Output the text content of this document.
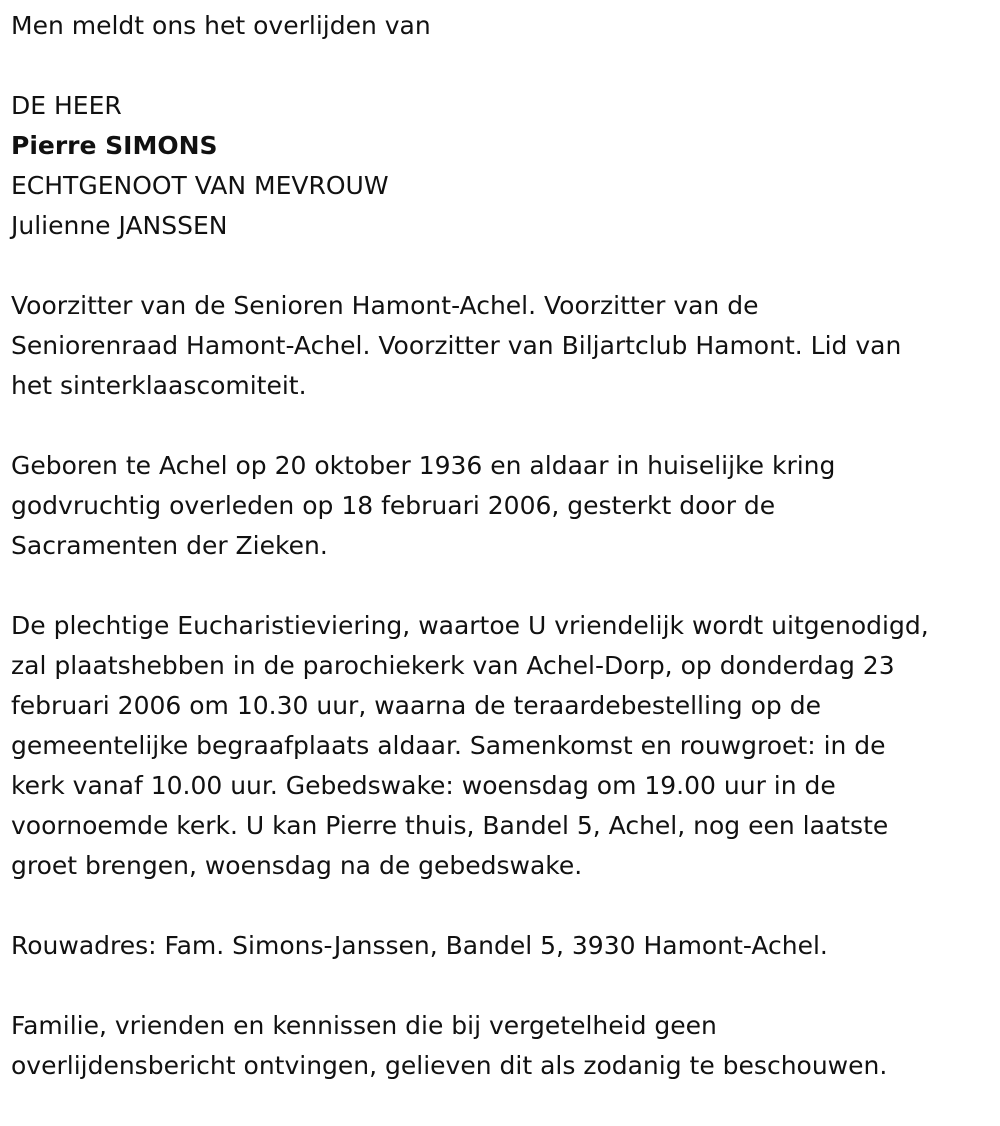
Men meldt ons het overlijden van

DE HEER

Pierre SIMONS

ECHTGENOOT VAN MEVROUW

Julienne JANSSEN

Voorzitter van de Senioren Hamont-Achel. Voorzitter van de

Seniorenraad Hamont-Achel. Voorzitter van Biljartclub Hamont. Lid van

het sinterklaascomiteit.

Geboren te Achel op 20 oktober 1936 en aldaar in huiselijke kring

godvruchtig overleden op 18 februari 2006, gesterkt door de

Sacramenten der Zieken.

De plechtige Eucharistieviering, waartoe U vriendelijk wordt uitgenodigd,

zal plaatshebben in de parochiekerk van Achel-Dorp, op donderdag 23

februari 2006 om 10.30 uur, waarna de teraardebestelling op de

gemeentelijke begraafplaats aldaar. Samenkomst en rouwgroet: in de

kerk vanaf 10.00 uur. Gebedswake: woensdag om 19.00 uur in de

voornoemde kerk. U kan Pierre thuis, Bandel 5, Achel, nog een laatste

groet brengen, woensdag na de gebedswake.

Rouwadres: Fam. Simons-Janssen, Bandel 5, 3930 Hamont-Achel.

Familie, vrienden en kennissen die bij vergetelheid geen

overlijdensbericht ontvingen, gelieven dit als zodanig te beschouwen.
